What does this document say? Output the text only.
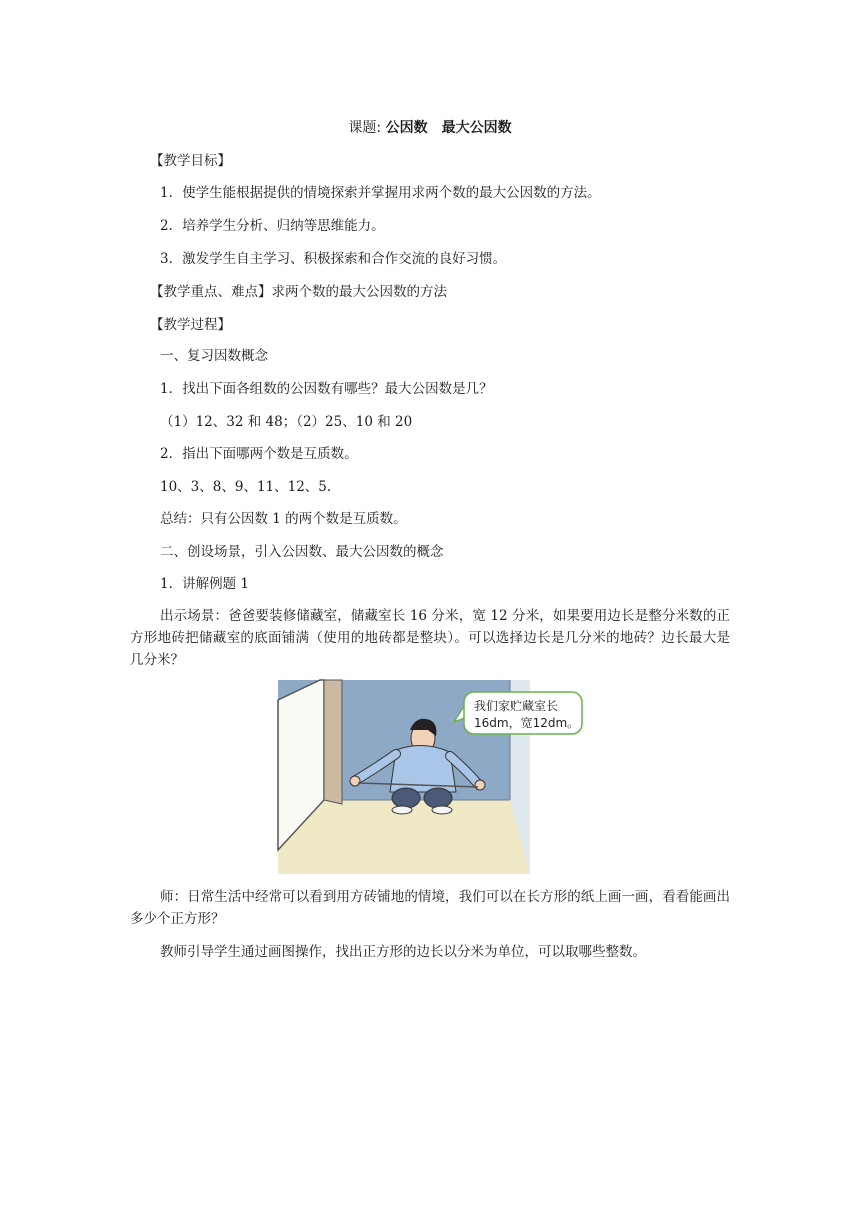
课题: 公因数　最大公因数
【教学目标】
1．使学生能根据提供的情境探索并掌握用求两个数的最大公因数的方法。
2．培养学生分析、归纳等思维能力。
3．激发学生自主学习、积极探索和合作交流的良好习惯。
【教学重点、难点】求两个数的最大公因数的方法
【教学过程】
一、复习因数概念
1．找出下面各组数的公因数有哪些？最大公因数是几？
（1）12、32 和 48；（2）25、10 和 20
2．指出下面哪两个数是互质数。
10、3、8、9、11、12、5.
总结：只有公因数 1 的两个数是互质数。
二、创设场景，引入公因数、最大公因数的概念
1．讲解例题 1
出示场景：爸爸要装修储藏室，储藏室长 16 分米，宽 12 分米，如果要用边长是整分米数的正方形地砖把储藏室的底面铺满（使用的地砖都是整块）。可以选择边长是几分米的地砖？边长最大是几分米？
我们家贮藏室长
16dm，宽12dm。
师：日常生活中经常可以看到用方砖铺地的情境，我们可以在长方形的纸上画一画，看看能画出多少个正方形？
教师引导学生通过画图操作，找出正方形的边长以分米为单位，可以取哪些整数。
